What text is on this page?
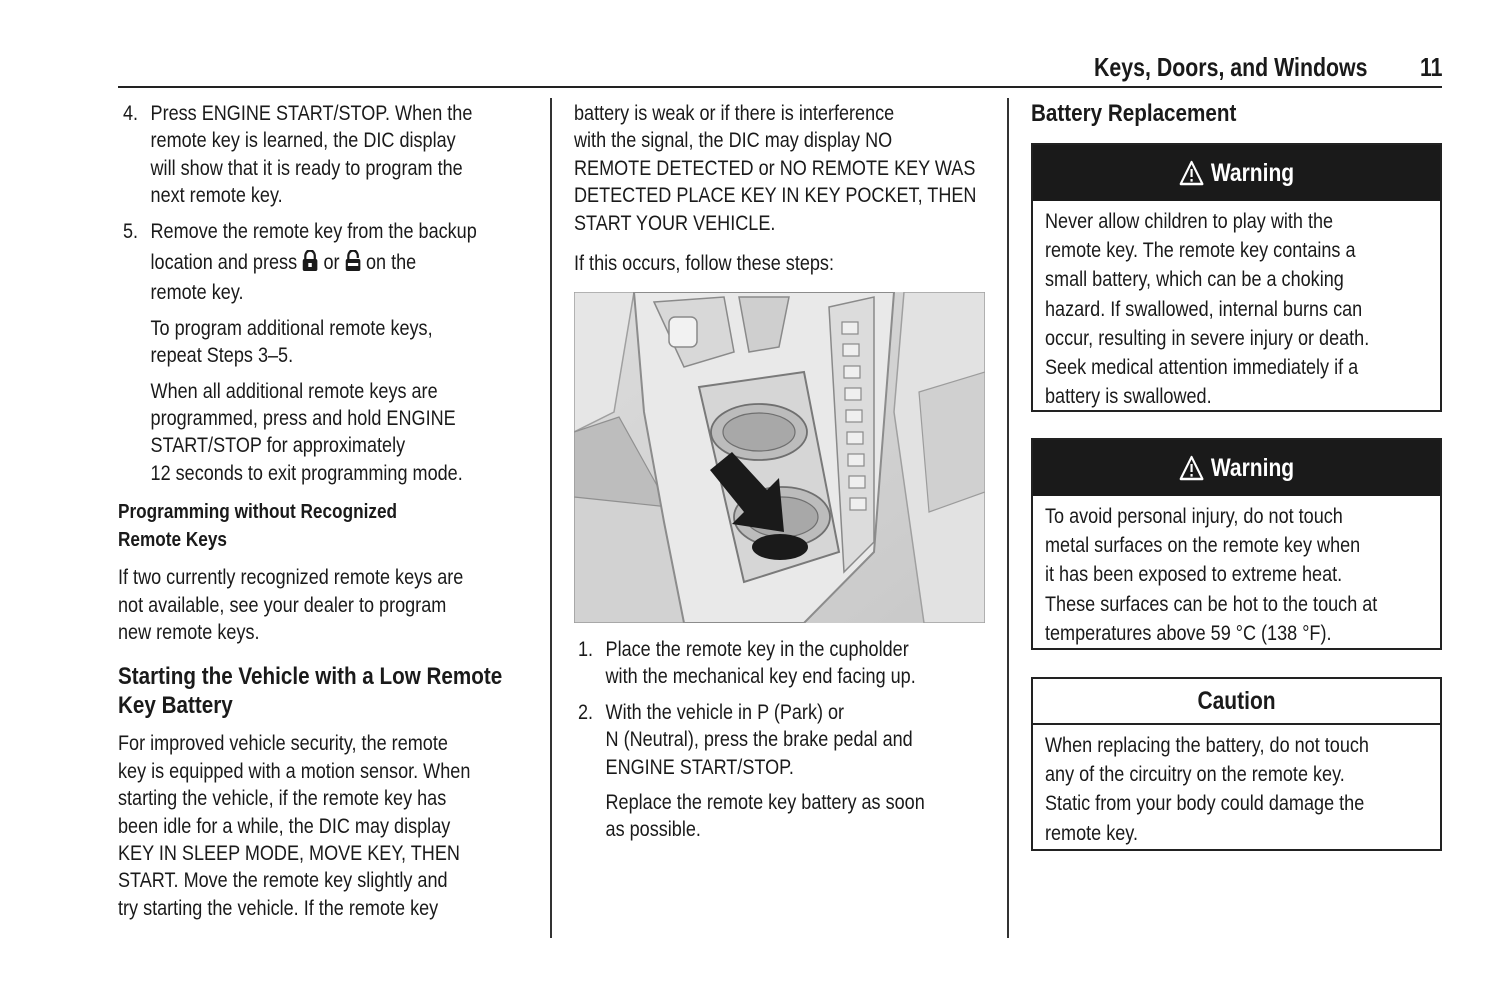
Keys, Doors, and Windows 11
4. Press ENGINE START/STOP. When the
remote key is learned, the DIC display
will show that it is ready to program the
next remote key.
5. Remove the remote key from the backup
location and press or on the
remote key.
To program additional remote keys,
repeat Steps 3–5.
When all additional remote keys are
programmed, press and hold ENGINE
START/STOP for approximately
12 seconds to exit programming mode.
Programming without Recognized
Remote Keys
If two currently recognized remote keys are
not available, see your dealer to program
new remote keys.
Starting the Vehicle with a Low Remote
Key Battery
For improved vehicle security, the remote
key is equipped with a motion sensor. When
starting the vehicle, if the remote key has
been idle for a while, the DIC may display
KEY IN SLEEP MODE, MOVE KEY, THEN
START. Move the remote key slightly and
try starting the vehicle. If the remote key
battery is weak or if there is interference
with the signal, the DIC may display NO
REMOTE DETECTED or NO REMOTE KEY WAS
DETECTED PLACE KEY IN KEY POCKET, THEN
START YOUR VEHICLE.
If this occurs, follow these steps:
1. Place the remote key in the cupholder
with the mechanical key end facing up.
2. With the vehicle in P (Park) or
N (Neutral), press the brake pedal and
ENGINE START/STOP.
Replace the remote key battery as soon
as possible.
Battery Replacement
Warning
Never allow children to play with the
remote key. The remote key contains a
small battery, which can be a choking
hazard. If swallowed, internal burns can
occur, resulting in severe injury or death.
Seek medical attention immediately if a
battery is swallowed.
Warning
To avoid personal injury, do not touch
metal surfaces on the remote key when
it has been exposed to extreme heat.
These surfaces can be hot to the touch at
temperatures above 59 °C (138 °F).
Caution
When replacing the battery, do not touch
any of the circuitry on the remote key.
Static from your body could damage the
remote key.
